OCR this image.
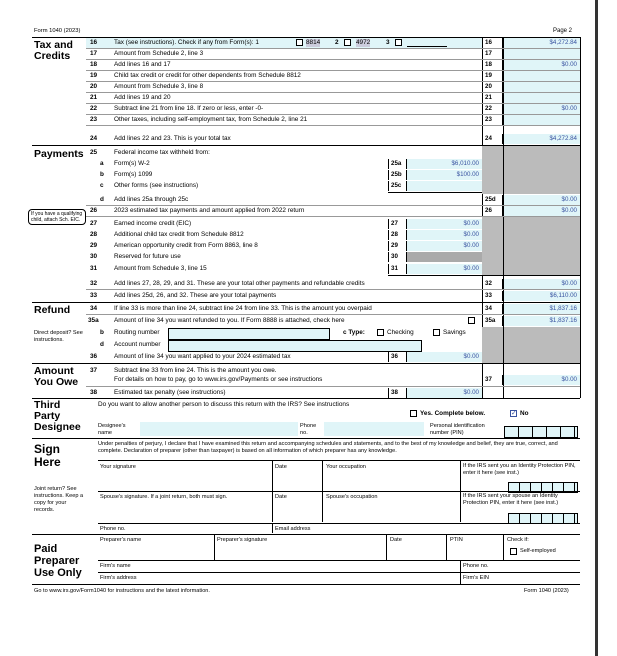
Form 1040 (2023)	Page 2
Tax and Credits
Payments
Refund
Amount You Owe
Third Party Designee
Sign Here
Paid Preparer Use Only
16	Tax (see instructions). Check if any from Form(s): 1	8814 2	4972 3	16	$4,272.84
17	Amount from Schedule 2, line 3	17
18	Add lines 16 and 17	18	$0.00
19	Child tax credit or credit for other dependents from Schedule 8812	19
20	Amount from Schedule 3, line 8	20
21	Add lines 19 and 20	21
22	Subtract line 21 from line 18. If zero or less, enter -0-	22	$0.00
23	Other taxes, including self-employment tax, from Schedule 2, line 21	23
24	Add lines 22 and 23. This is your total tax	24	$4,272.84
25	Federal income tax withheld from:
a Form(s) W-2	25a	$6,010.00
b Form(s) 1099	25b	$100.00
c Other forms (see instructions)	25c
d Add lines 25a through 25c	25d	$0.00
If you have a qualifying child, attach Sch. EIC.
26	2023 estimated tax payments and amount applied from 2022 return	26	$0.00
27	Earned income credit (EIC)	27	$0.00
28	Additional child tax credit from Schedule 8812	28	$0.00
29	American opportunity credit from Form 8863, line 8	29	$0.00
30	Reserved for future use	30
31	Amount from Schedule 3, line 15	31	$0.00
32	Add lines 27, 28, 29, and 31. These are your total other payments and refundable credits	32	$0.00
33	Add lines 25d, 26, and 32. These are your total payments	33	$6,110.00
34	If line 33 is more than line 24, subtract line 24 from line 33. This is the amount you overpaid	34	$1,837.16
35a Amount of line 34 you want refunded to you. If Form 8888 is attached, check here	35a	$1,837.16
Direct deposit? See instructions.
b Routing number	c Type:	Checking	Savings
d Account number
36	Amount of line 34 you want applied to your 2024 estimated tax	36	$0.00
37	Subtract line 33 from line 24. This is the amount you owe.
For details on how to pay, go to www.irs.gov/Payments or see instructions	37	$0.00
38	Estimated tax penalty (see instructions)	38	$0.00
Do you want to allow another person to discuss this return with the IRS? See instructions
Yes. Complete below.	✓ No
Designee's name
Phone no.
Personal identification number (PIN)
Under penalties of perjury, I declare that I have examined this return and accompanying schedules and statements, and to the best of my knowledge and belief, they are true, correct, and complete. Declaration of preparer (other than taxpayer) is based on all information of which preparer has any knowledge.
Your signature	Date	Your occupation	If the IRS sent you an Identity Protection PIN, enter it here (see inst.)
Joint return? See instructions. Keep a copy for your records.
Spouse's signature. If a joint return, both must sign.	Date	Spouse's occupation	If the IRS sent your spouse an Identity Protection PIN, enter it here (see inst.)
Phone no.	Email address
Preparer's name	Preparer's signature	Date	PTIN	Check if:
Self-employed
Firm's name	Phone no.
Firm's address	Firm's EIN
Go to www.irs.gov/Form1040 for instructions and the latest information.	Form 1040 (2023)
